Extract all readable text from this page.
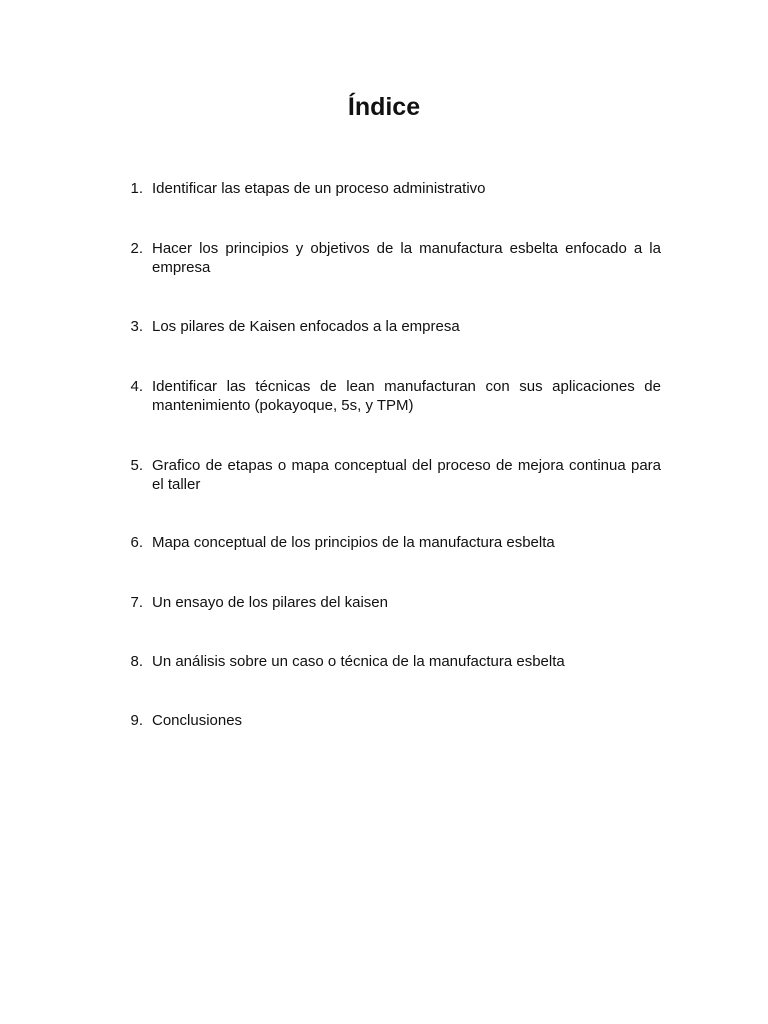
Índice
1. Identificar las etapas de un proceso administrativo
2. Hacer los principios y objetivos de la manufactura esbelta enfocado a la empresa
3. Los pilares de Kaisen enfocados a la empresa
4. Identificar las técnicas de lean manufacturan con sus aplicaciones de mantenimiento (pokayoque, 5s, y TPM)
5. Grafico de etapas o mapa conceptual del proceso de mejora continua para el taller
6. Mapa conceptual de los principios de la manufactura esbelta
7. Un ensayo de los pilares del kaisen
8. Un análisis sobre un caso o técnica de la manufactura esbelta
9. Conclusiones
